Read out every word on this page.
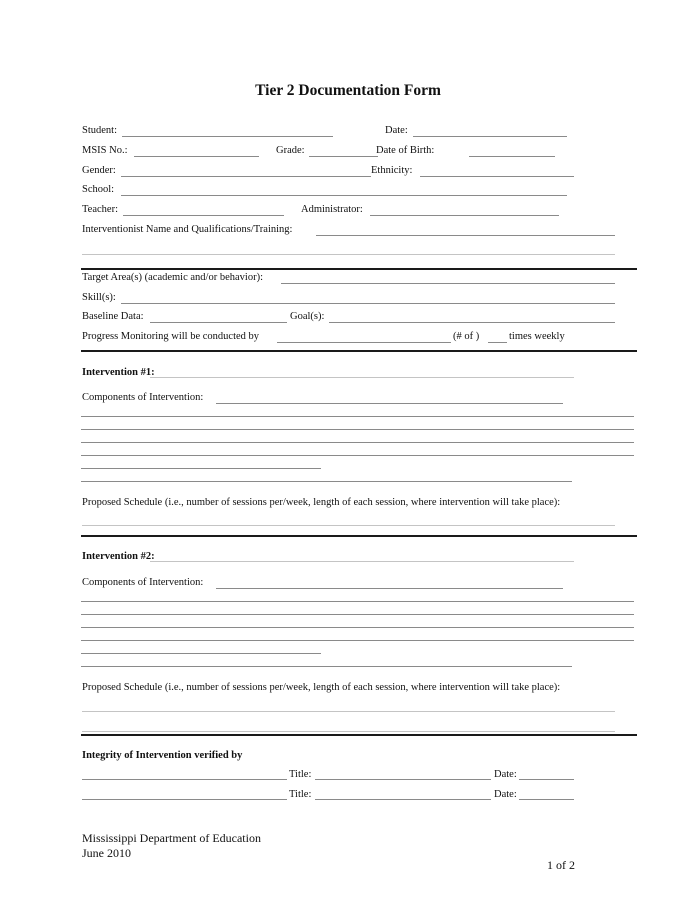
Tier 2 Documentation Form
Student:	Date:
MSIS No.:	Grade:	Date of Birth:
Gender:	Ethnicity:
School:
Teacher:	Administrator:
Interventionist Name and Qualifications/Training:
Target Area(s) (academic and/or behavior):
Skill(s):
Baseline Data:	Goal(s):
Progress Monitoring will be conducted by	(# of )	times weekly
Intervention #1:
Components of Intervention:
Proposed Schedule (i.e., number of sessions per/week, length of each session, where intervention will take place):
Intervention #2:
Components of Intervention:
Proposed Schedule (i.e., number of sessions per/week, length of each session, where intervention will take place):
Integrity of Intervention verified by
Title:	Date:
Title:	Date:
Mississippi Department of Education
June 2010
1 of 2
